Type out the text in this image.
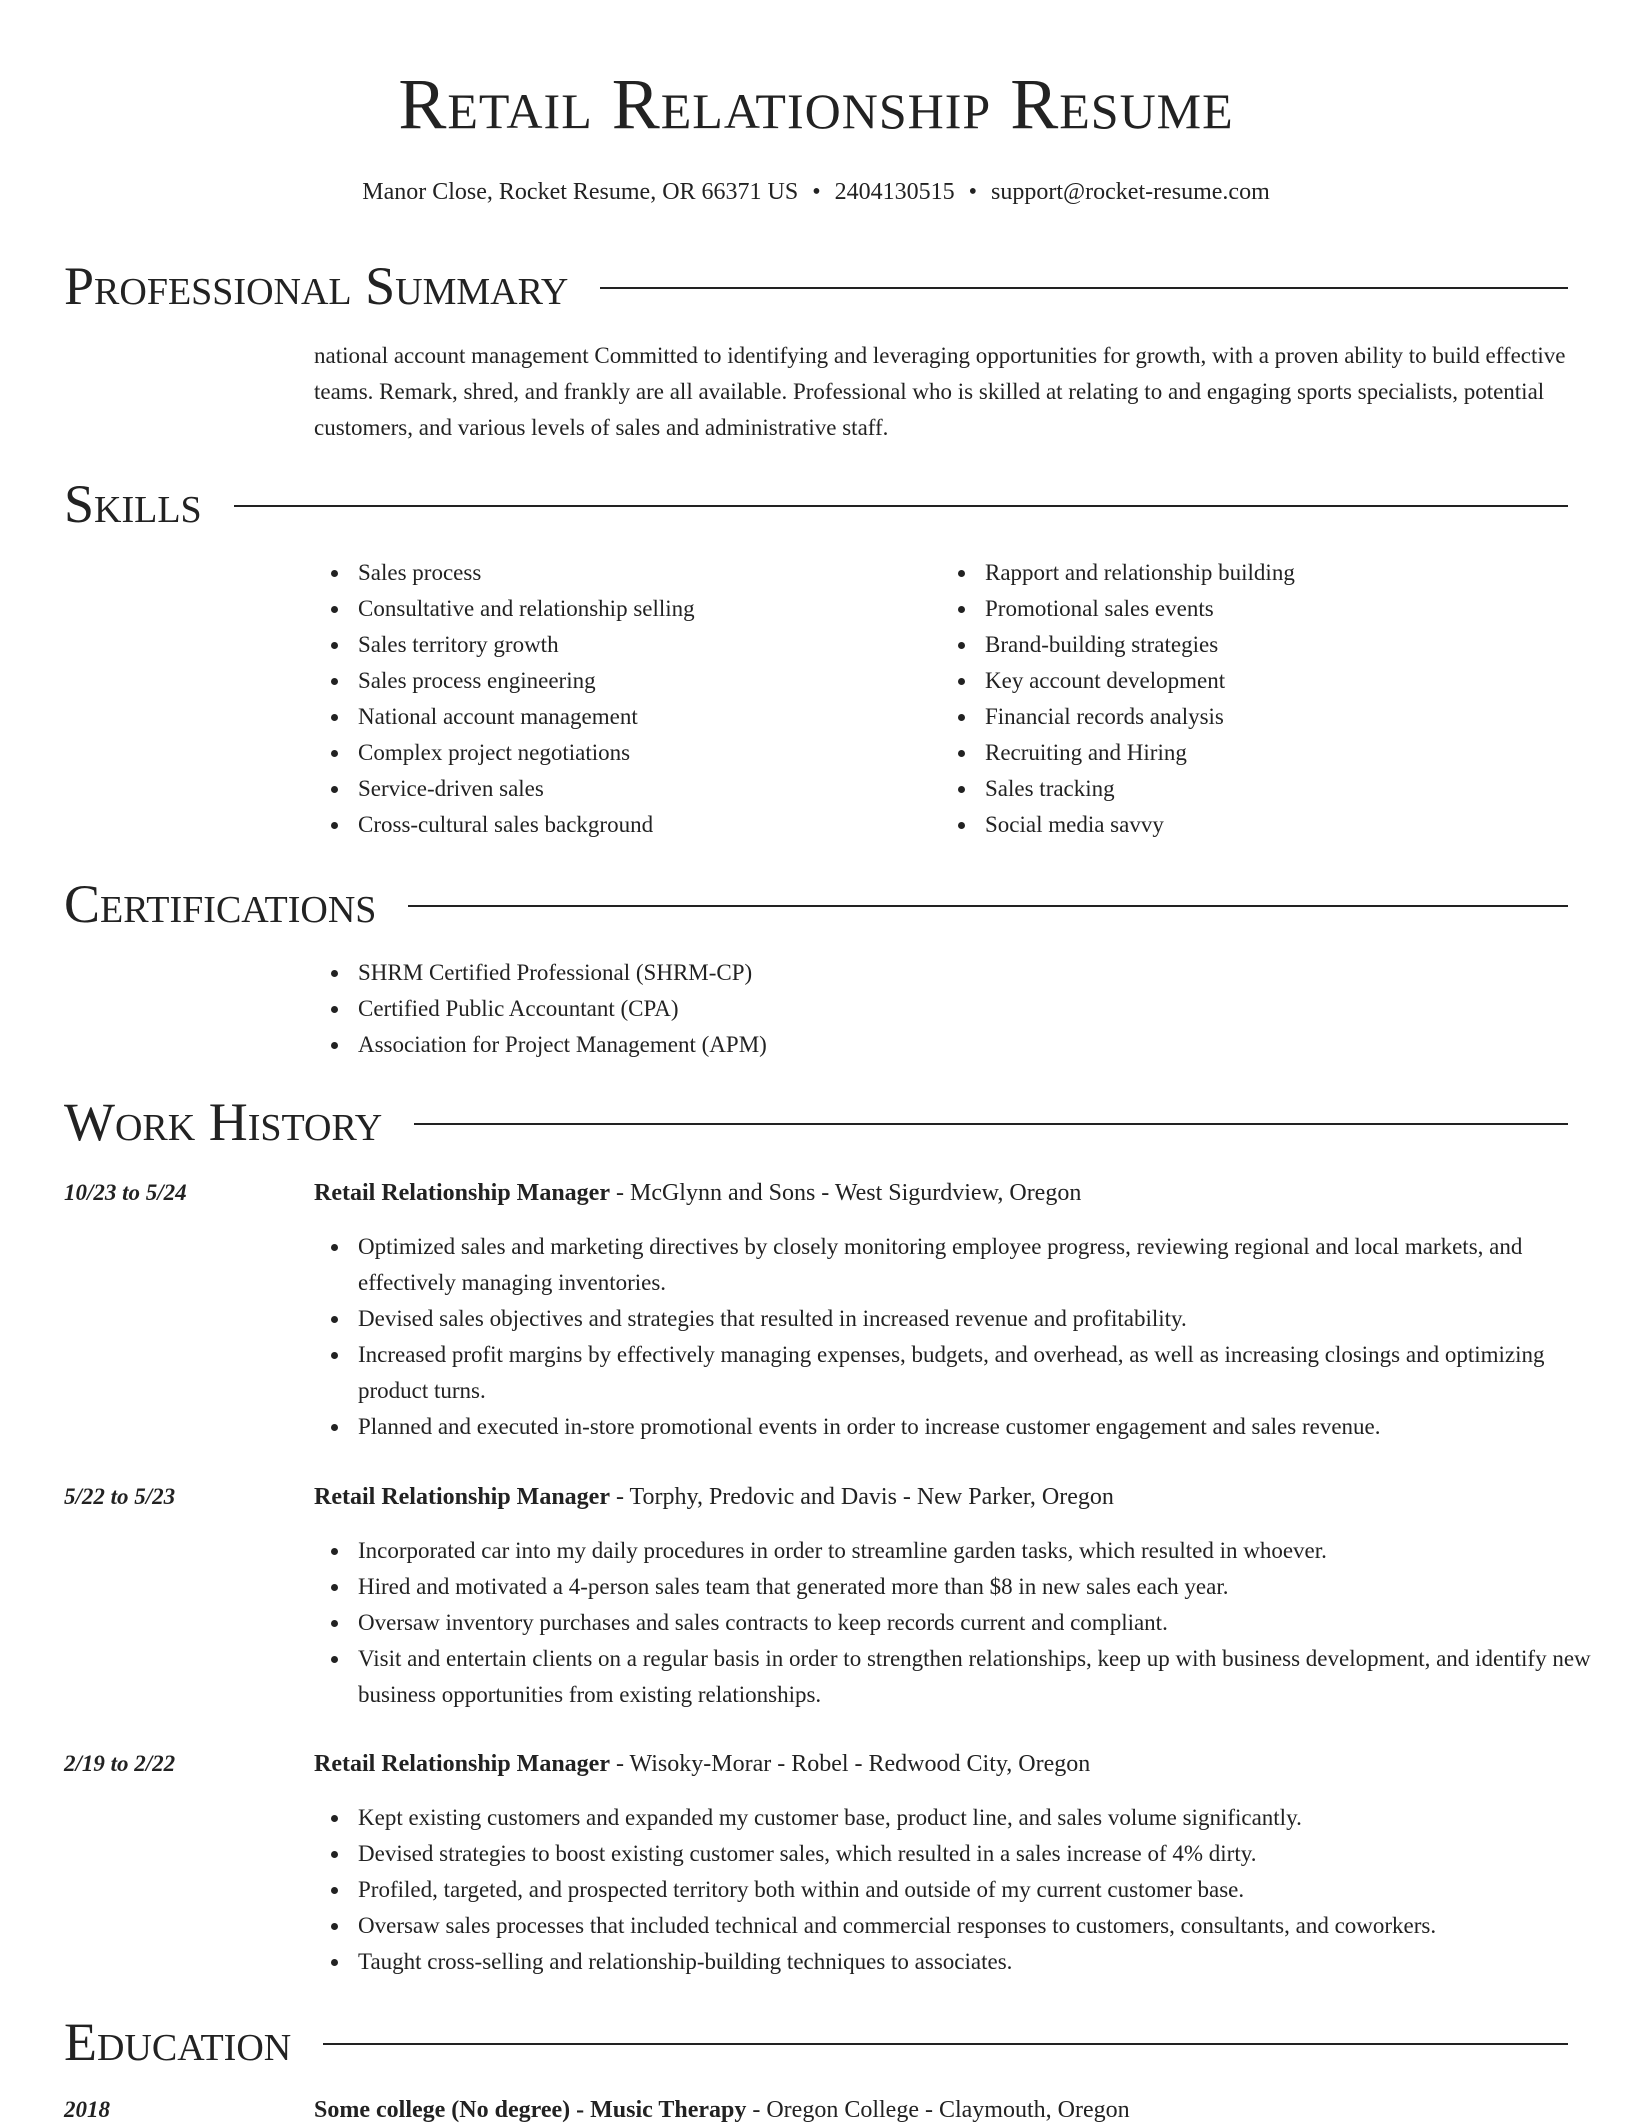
Retail Relationship Resume
Manor Close, Rocket Resume, OR 66371 US • 2404130515 • support@rocket-resume.com
Professional Summary

national account management Committed to identifying and leveraging opportunities for growth, with a proven ability to build effective teams. Remark, shred, and frankly are all available. Professional who is skilled at relating to and engaging sports specialists, potential customers, and various levels of sales and administrative staff.

Skills
Sales process
Consultative and relationship selling
Sales territory growth
Sales process engineering
National account management
Complex project negotiations
Service-driven sales
Cross-cultural sales background
Rapport and relationship building
Promotional sales events
Brand-building strategies
Key account development
Financial records analysis
Recruiting and Hiring
Sales tracking
Social media savvy
Certifications
SHRM Certified Professional (SHRM-CP)
Certified Public Accountant (CPA)
Association for Project Management (APM)
Work History
10/23 to 5/24	Retail Relationship Manager - McGlynn and Sons - West Sigurdview, Oregon
Optimized sales and marketing directives by closely monitoring employee progress, reviewing regional and local markets, and effectively managing inventories.
Devised sales objectives and strategies that resulted in increased revenue and profitability.
Increased profit margins by effectively managing expenses, budgets, and overhead, as well as increasing closings and optimizing product turns.
Planned and executed in-store promotional events in order to increase customer engagement and sales revenue.
5/22 to 5/23	Retail Relationship Manager - Torphy, Predovic and Davis - New Parker, Oregon
Incorporated car into my daily procedures in order to streamline garden tasks, which resulted in whoever.
Hired and motivated a 4-person sales team that generated more than $8 in new sales each year.
Oversaw inventory purchases and sales contracts to keep records current and compliant.
Visit and entertain clients on a regular basis in order to strengthen relationships, keep up with business development, and identify new business opportunities from existing relationships.
2/19 to 2/22	Retail Relationship Manager - Wisoky-Morar - Robel - Redwood City, Oregon
Kept existing customers and expanded my customer base, product line, and sales volume significantly.
Devised strategies to boost existing customer sales, which resulted in a sales increase of 4% dirty.
Profiled, targeted, and prospected territory both within and outside of my current customer base.
Oversaw sales processes that included technical and commercial responses to customers, consultants, and coworkers.
Taught cross-selling and relationship-building techniques to associates.
Education
2018	Some college (No degree) - Music Therapy - Oregon College - Claymouth, Oregon
